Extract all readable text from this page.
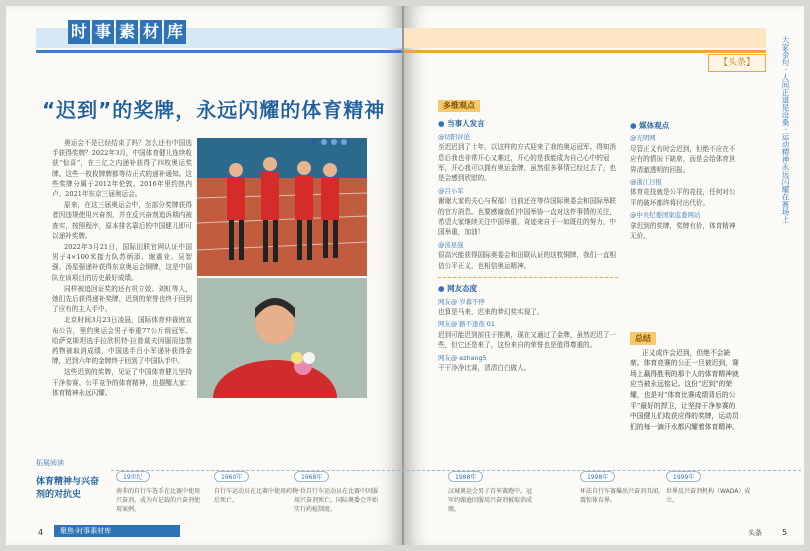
时 事 素 材 库
“迟到”的奖牌，永远闪耀的体育精神

奥运会不是已经结束了吗？怎么还有中国选手获得奖牌？2022年3月，中国体育健儿连续收获“惊喜”，在三亿之内递补获得了四枚奥运奖牌。这些一枚枚牌牌都等待正式的递补通知。这些奖牌分属于2012年伦敦、2016年里约热内卢、2021年东京三届奥运会。

原来，在这三届奥运会中，至部分奖牌获得者因违规使用兴奋剂，并在反兴奋剂追诉期内被查实，按照程序，原本排名靠后的中国健儿即可以递补奖牌。

2022年3月21日，国际田联官网认证中国男子4×100米接力队苏炳添、谢震业、吴智强、汤星强递补获得东京奥运会铜牌，这是中国队在该项目的历史最好成绩。

同样被追回证奖的还有巩立姣、刘虹等人，她们先后获得递补奖牌，迟到的荣誉也终于回到了应有的主人手中。

北京时间3月23日凌晨，国际体育仲裁庭宣布公告，里约奥运会男子举重77公斤级冠军、哈萨克斯坦选手拉欣机特·拉普莫夫因服用违禁药物被取消成绩，中国选手吕小军递补获得金牌，迟到六年的金牌终于回到了中国队手中。

这些迟到的奖牌，见证了中国体育健儿坚持干净参赛、公平竞争的体育精神，也提醒大家：体育精神永远闪耀。

4	聚焦·时事素材库
【头条】	大家金句 · 人间正道是沧桑 · 运动精神永远闪耀在赛场上
多维观点
● 当事人发言
@切阳评论

至迟迟到了十年，以这样的方式迎来了我的奥运冠军。得知消息后我也非常开心又难过，开心的是我能成为自己心中的冠军，开心我可以拥有奥运金牌，虽然很多事情已经过去了，也是会感到欣慰的。

@吕小军

谢谢大家的关心与祝福！目前还在等待国际奥委会和国际举联的官方消息。也要感谢我们中国举协一直对这件事情的关注，希望大家继续关注中国举重，奇迹来自于一如既往的努力，中国举重，加油！

@汤星强

很高兴能获得国际奥委会和田联认证的这枚铜牌，我们一直相信公平正义，也相信奥运精神。

● 网友态度
网友@ 岁暮不停

也算是马来，迟来的梦幻奖实现了。

网友@ 路不逢夜 01

迟到可能迟到前往于推测，现在又通过了金牌，虽然迟迟了一些，但它还是来了，这份来自的荣誉也是值得尊重的。

网友@ ezhang5

干干净净比赛，清清白白做人。

● 媒体观点
@光明网

尽管正义有时会迟到，但绝不应在不应有的情况下缺席，而是会给体育世界清澈透明的回报。

@浙江日报

体育竞技就是公平的竞技，任何对公平的破坏都终将付出代价。

@中央纪委国家监委网站

拿迟到的奖牌，奖牌有价，体育精神无价。

总结

正义或许会迟到，但绝不会缺席。体育竞赛的公正一旦被迟到，赛场上赢得胜利的那个人的体育精神就应当被永远铭记。这份“迟到”的荣耀，也是对“体育比赛成绩背后的公平”最好的捍卫，让坚持干净参赛的中国健儿们收获应得的奖牌，运动员们的每一滴汗水都闪耀着体育精神。

拓展阅读
体育精神与兴奋剂的对抗史
19世纪
南非的自行车选手在比赛中使用兴奋剂，成为有记载的兴奋剂使用案例。
1960年
自行车运动员在比赛中使用药物后死亡。
1968年
一位自行车运动员在比赛中因服用兴奋剂死亡，国际奥委会开始实行药检制度。
1988年
汉城奥运会男子百米赛跑中，冠军约翰逊因服用兴奋剂被取消成绩。
1998年
环法自行车赛爆出兴奋剂丑闻，震惊体育界。
1999年
世界反兴奋剂机构（WADA）成立。
头条	5
